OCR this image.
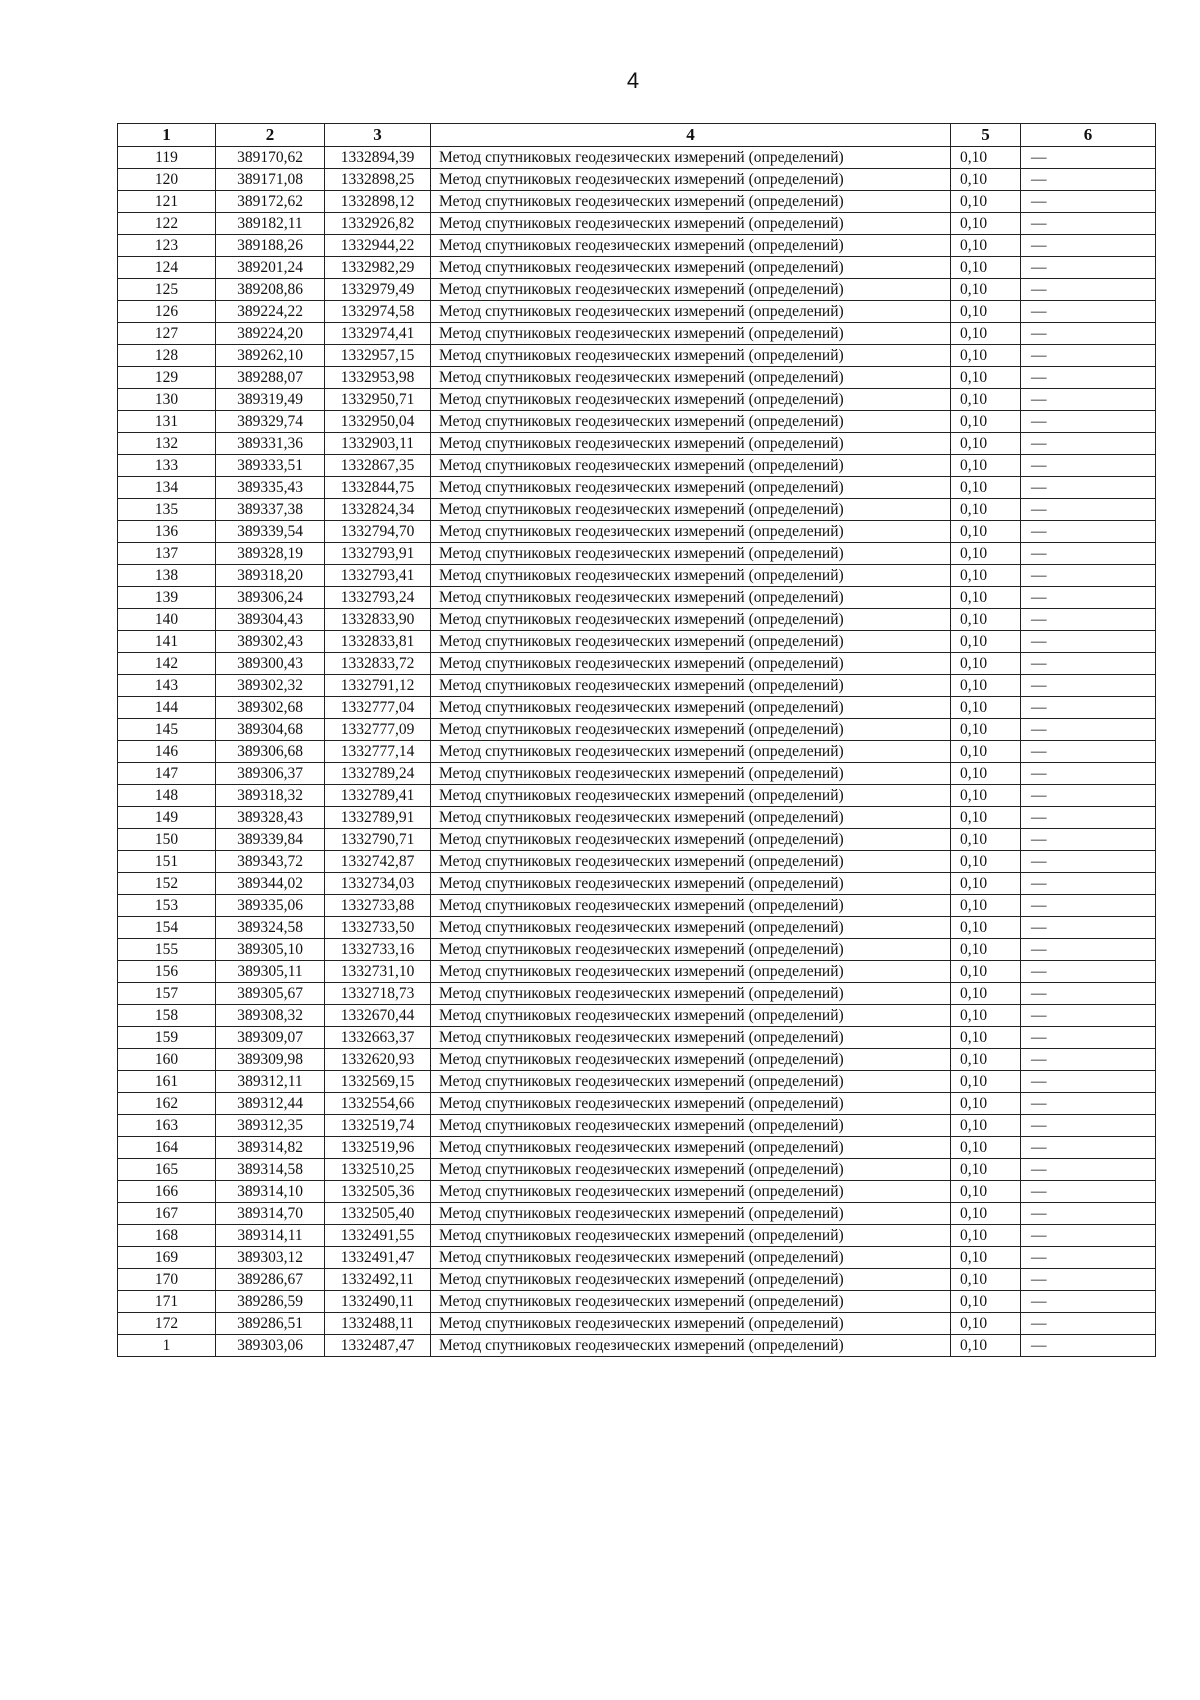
4
1	2	3	4	5	6
119	389170,62	1332894,39	Метод спутниковых геодезических измерений (определений)	0,10	—
120	389171,08	1332898,25	Метод спутниковых геодезических измерений (определений)	0,10	—
121	389172,62	1332898,12	Метод спутниковых геодезических измерений (определений)	0,10	—
122	389182,11	1332926,82	Метод спутниковых геодезических измерений (определений)	0,10	—
123	389188,26	1332944,22	Метод спутниковых геодезических измерений (определений)	0,10	—
124	389201,24	1332982,29	Метод спутниковых геодезических измерений (определений)	0,10	—
125	389208,86	1332979,49	Метод спутниковых геодезических измерений (определений)	0,10	—
126	389224,22	1332974,58	Метод спутниковых геодезических измерений (определений)	0,10	—
127	389224,20	1332974,41	Метод спутниковых геодезических измерений (определений)	0,10	—
128	389262,10	1332957,15	Метод спутниковых геодезических измерений (определений)	0,10	—
129	389288,07	1332953,98	Метод спутниковых геодезических измерений (определений)	0,10	—
130	389319,49	1332950,71	Метод спутниковых геодезических измерений (определений)	0,10	—
131	389329,74	1332950,04	Метод спутниковых геодезических измерений (определений)	0,10	—
132	389331,36	1332903,11	Метод спутниковых геодезических измерений (определений)	0,10	—
133	389333,51	1332867,35	Метод спутниковых геодезических измерений (определений)	0,10	—
134	389335,43	1332844,75	Метод спутниковых геодезических измерений (определений)	0,10	—
135	389337,38	1332824,34	Метод спутниковых геодезических измерений (определений)	0,10	—
136	389339,54	1332794,70	Метод спутниковых геодезических измерений (определений)	0,10	—
137	389328,19	1332793,91	Метод спутниковых геодезических измерений (определений)	0,10	—
138	389318,20	1332793,41	Метод спутниковых геодезических измерений (определений)	0,10	—
139	389306,24	1332793,24	Метод спутниковых геодезических измерений (определений)	0,10	—
140	389304,43	1332833,90	Метод спутниковых геодезических измерений (определений)	0,10	—
141	389302,43	1332833,81	Метод спутниковых геодезических измерений (определений)	0,10	—
142	389300,43	1332833,72	Метод спутниковых геодезических измерений (определений)	0,10	—
143	389302,32	1332791,12	Метод спутниковых геодезических измерений (определений)	0,10	—
144	389302,68	1332777,04	Метод спутниковых геодезических измерений (определений)	0,10	—
145	389304,68	1332777,09	Метод спутниковых геодезических измерений (определений)	0,10	—
146	389306,68	1332777,14	Метод спутниковых геодезических измерений (определений)	0,10	—
147	389306,37	1332789,24	Метод спутниковых геодезических измерений (определений)	0,10	—
148	389318,32	1332789,41	Метод спутниковых геодезических измерений (определений)	0,10	—
149	389328,43	1332789,91	Метод спутниковых геодезических измерений (определений)	0,10	—
150	389339,84	1332790,71	Метод спутниковых геодезических измерений (определений)	0,10	—
151	389343,72	1332742,87	Метод спутниковых геодезических измерений (определений)	0,10	—
152	389344,02	1332734,03	Метод спутниковых геодезических измерений (определений)	0,10	—
153	389335,06	1332733,88	Метод спутниковых геодезических измерений (определений)	0,10	—
154	389324,58	1332733,50	Метод спутниковых геодезических измерений (определений)	0,10	—
155	389305,10	1332733,16	Метод спутниковых геодезических измерений (определений)	0,10	—
156	389305,11	1332731,10	Метод спутниковых геодезических измерений (определений)	0,10	—
157	389305,67	1332718,73	Метод спутниковых геодезических измерений (определений)	0,10	—
158	389308,32	1332670,44	Метод спутниковых геодезических измерений (определений)	0,10	—
159	389309,07	1332663,37	Метод спутниковых геодезических измерений (определений)	0,10	—
160	389309,98	1332620,93	Метод спутниковых геодезических измерений (определений)	0,10	—
161	389312,11	1332569,15	Метод спутниковых геодезических измерений (определений)	0,10	—
162	389312,44	1332554,66	Метод спутниковых геодезических измерений (определений)	0,10	—
163	389312,35	1332519,74	Метод спутниковых геодезических измерений (определений)	0,10	—
164	389314,82	1332519,96	Метод спутниковых геодезических измерений (определений)	0,10	—
165	389314,58	1332510,25	Метод спутниковых геодезических измерений (определений)	0,10	—
166	389314,10	1332505,36	Метод спутниковых геодезических измерений (определений)	0,10	—
167	389314,70	1332505,40	Метод спутниковых геодезических измерений (определений)	0,10	—
168	389314,11	1332491,55	Метод спутниковых геодезических измерений (определений)	0,10	—
169	389303,12	1332491,47	Метод спутниковых геодезических измерений (определений)	0,10	—
170	389286,67	1332492,11	Метод спутниковых геодезических измерений (определений)	0,10	—
171	389286,59	1332490,11	Метод спутниковых геодезических измерений (определений)	0,10	—
172	389286,51	1332488,11	Метод спутниковых геодезических измерений (определений)	0,10	—
1	389303,06	1332487,47	Метод спутниковых геодезических измерений (определений)	0,10	—
